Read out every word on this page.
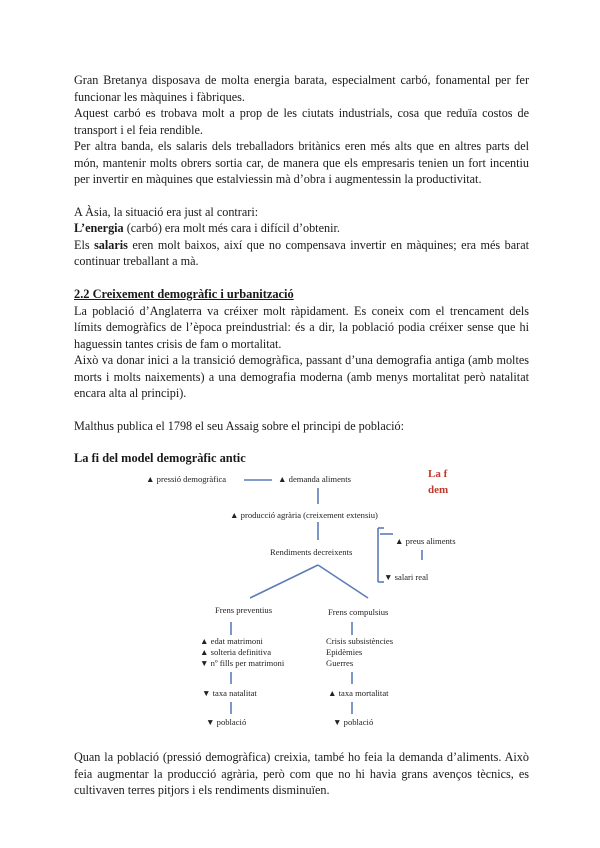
Gran Bretanya disposava de molta energia barata, especialment carbó, fonamental per fer funcionar les màquines i fàbriques.

Aquest carbó es trobava molt a prop de les ciutats industrials, cosa que reduïa costos de transport i el feia rendible.

Per altra banda, els salaris dels treballadors britànics eren més alts que en altres parts del món, mantenir molts obrers sortia car, de manera que els empresaris tenien un fort incentiu per invertir en màquines que estalviessin mà d’obra i augmentessin la productivitat.

A Àsia, la situació era just al contrari:

L’energia (carbó) era molt més cara i difícil d’obtenir.

Els salaris eren molt baixos, així que no compensava invertir en màquines; era més barat continuar treballant a mà.

2.2 Creixement demogràfic i urbanització

La població d’Anglaterra va créixer molt ràpidament. Es coneix com el trencament dels límits demogràfics de l’època preindustrial: és a dir, la població podia créixer sense que hi haguessin tantes crisis de fam o mortalitat.

Això va donar inici a la transició demogràfica, passant d’una demografia antiga (amb moltes morts i molts naixements) a una demografia moderna (amb menys mortalitat però natalitat encara alta al principi).

Malthus publica el 1798 el seu Assaig sobre el principi de població:

La fi del model demogràfic antic
▲ pressió demogràfica	▲ demanda aliments
▲ producció agrària (creixement extensiu)
Rendiments decreixents
▲ preus aliments
▼ salari real
Frens preventius	Frens compulsius
▲ edat matrimoni
▲ solteria definitiva
▼ nº fills per matrimoni
Crisis subsistències
Epidèmies
Guerres
▼ taxa natalitat	▲ taxa mortalitat
▼ població	▼ població
La f
dem

Quan la població (pressió demogràfica) creixia, també ho feia la demanda d’aliments. Això feia augmentar la producció agrària, però com que no hi havia grans avenços tècnics, es cultivaven terres pitjors i els rendiments disminuïen.
